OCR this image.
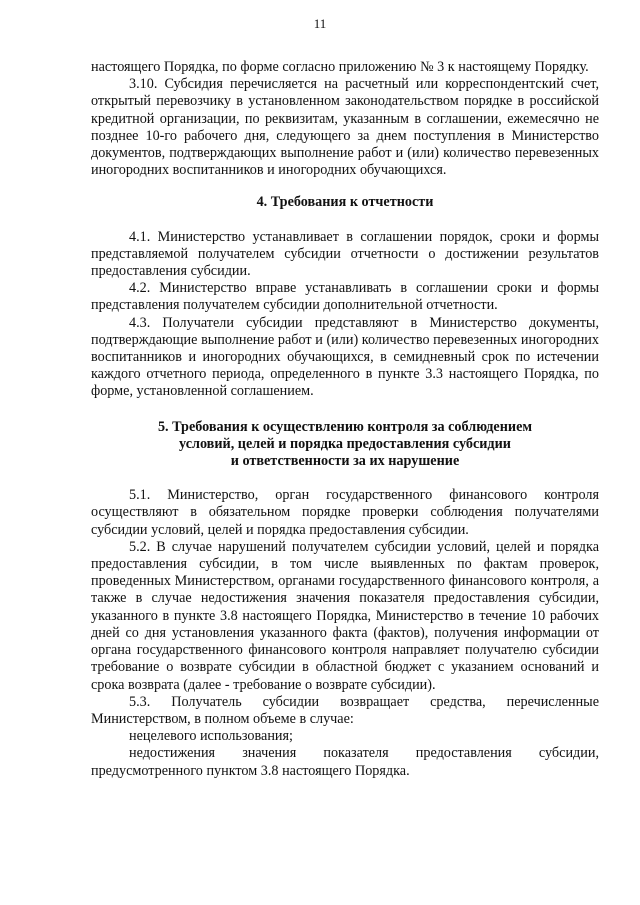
11

настоящего Порядка, по форме согласно приложению № 3 к настоящему Порядку.

3.10. Субсидия перечисляется на расчетный или корреспондентский счет, открытый перевозчику в установленном законодательством порядке в российской кредитной организации, по реквизитам, указанным в соглашении, ежемесячно не позднее 10-го рабочего дня, следующего за днем поступления в Министерство документов, подтверждающих выполнение работ и (или) количество перевезенных иногородних воспитанников и иногородних обучающихся.

4. Требования к отчетности

4.1. Министерство устанавливает в соглашении порядок, сроки и формы представляемой получателем субсидии отчетности о достижении результатов предоставления субсидии.

4.2. Министерство вправе устанавливать в соглашении сроки и формы представления получателем субсидии дополнительной отчетности.

4.3. Получатели субсидии представляют в Министерство документы, подтверждающие выполнение работ и (или) количество перевезенных иногородних воспитанников и иногородних обучающихся, в семидневный срок по истечении каждого отчетного периода, определенного в пункте 3.3 настоящего Порядка, по форме, установленной соглашением.

5. Требования к осуществлению контроля за соблюдением
условий, целей и порядка предоставления субсидии
и ответственности за их нарушение

5.1. Министерство, орган государственного финансового контроля осуществляют в обязательном порядке проверки соблюдения получателями субсидии условий, целей и порядка предоставления субсидии.

5.2. В случае нарушений получателем субсидии условий, целей и порядка предоставления субсидии, в том числе выявленных по фактам проверок, проведенных Министерством, органами государственного финансового контроля, а также в случае недостижения значения показателя предоставления субсидии, указанного в пункте 3.8 настоящего Порядка, Министерство в течение 10 рабочих дней со дня установления указанного факта (фактов), получения информации от органа государственного финансового контроля направляет получателю субсидии требование о возврате субсидии в областной бюджет с указанием оснований и срока возврата (далее - требование о возврате субсидии).

5.3. Получатель субсидии возвращает средства, перечисленные Министерством, в полном объеме в случае:

нецелевого использования;

недостижения значения показателя предоставления субсидии, предусмотренного пунктом 3.8 настоящего Порядка.
